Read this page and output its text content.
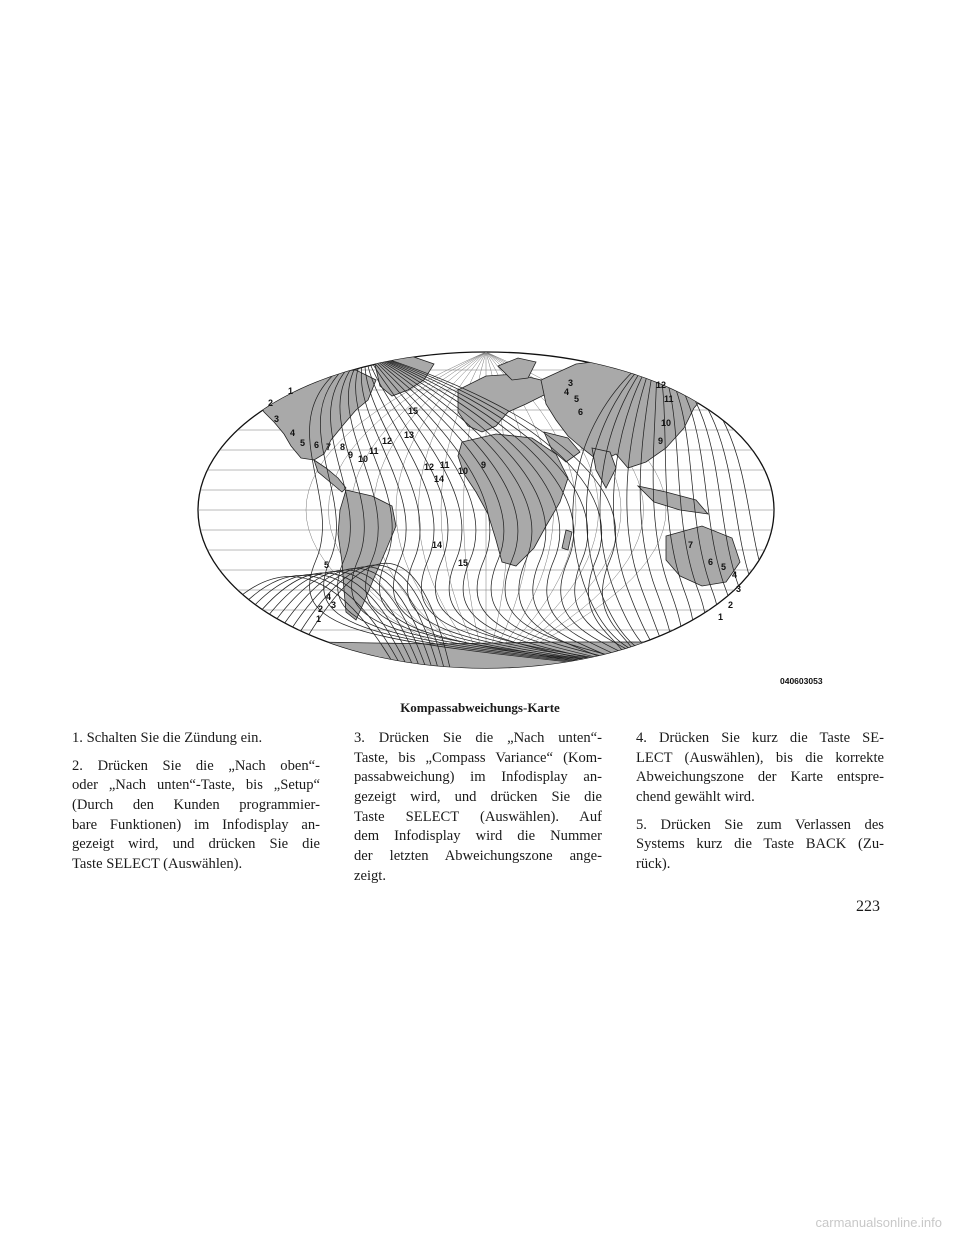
1
2
3
4
5 6 7 8
9 10
11
12
13
14
15
12 11
10
9
3
4
5
6
12
11
10
9
7
6 5
4
3
2
1
5
4
3
2
1
14
15
040603053
Kompassabweichungs-Karte

1. Schalten Sie die Zündung ein.

2. Drücken Sie die „Nach oben“-
oder „Nach unten“-Taste, bis „Setup“
(Durch den Kunden programmier-
bare Funktionen) im Infodisplay an-
gezeigt wird, und drücken Sie die
Taste SELECT (Auswählen).

3. Drücken Sie die „Nach unten“-
Taste, bis „Compass Variance“ (Kom-
passabweichung) im Infodisplay an-
gezeigt wird, und drücken Sie die
Taste SELECT (Auswählen). Auf
dem Infodisplay wird die Nummer
der letzten Abweichungszone ange-
zeigt.

4. Drücken Sie kurz die Taste SE-
LECT (Auswählen), bis die korrekte
Abweichungszone der Karte entspre-
chend gewählt wird.

5. Drücken Sie zum Verlassen des
Systems kurz die Taste BACK (Zu-
rück).

223
carmanualsonline.info
